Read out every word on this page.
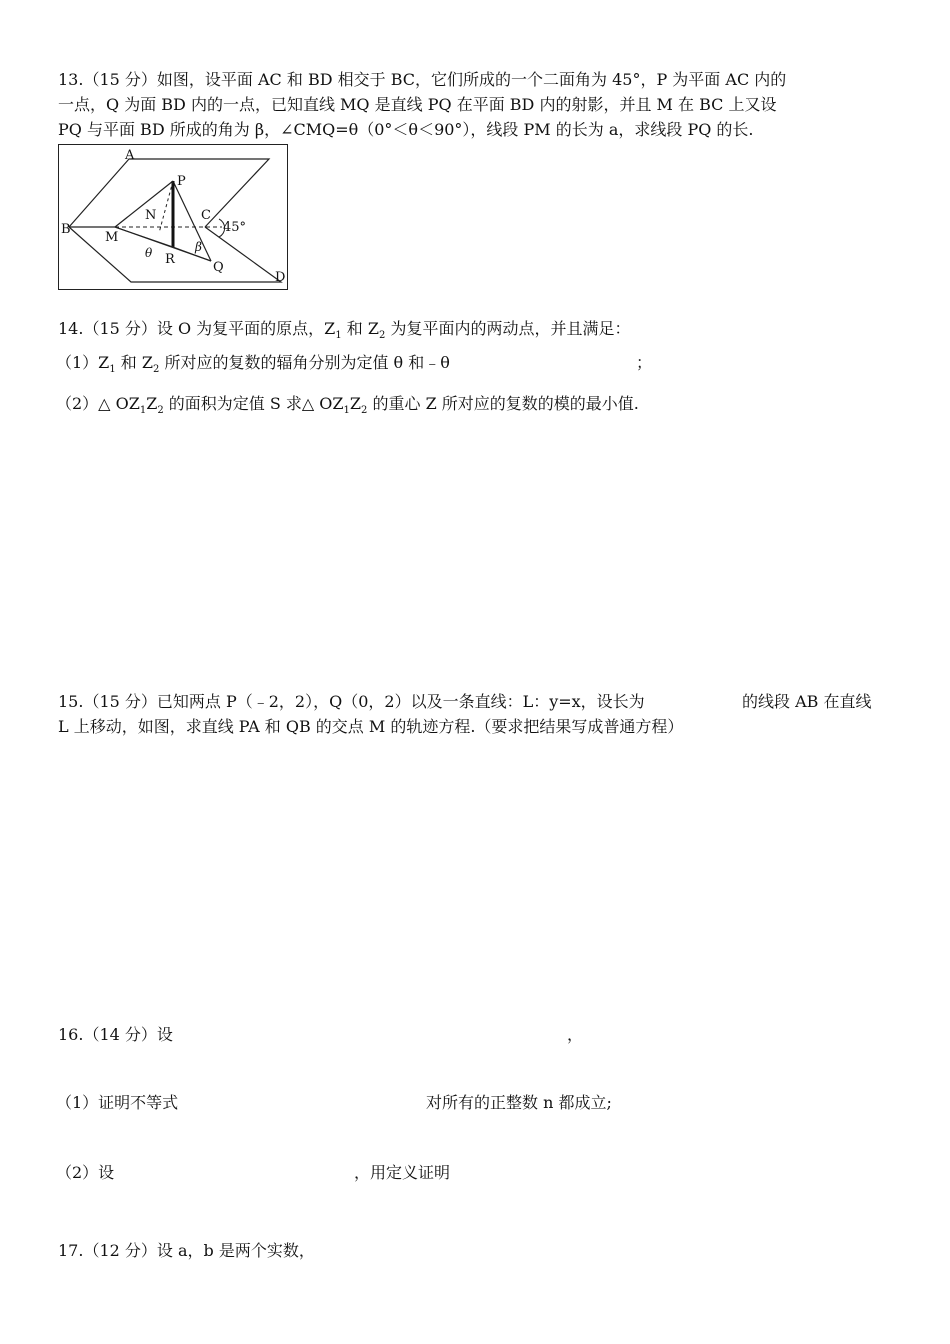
13.（15 分）如图，设平面 AC 和 BD 相交于 BC，它们所成的一个二面角为 45°，P 为平面 AC 内的
一点，Q 为面 BD 内的一点，已知直线 MQ 是直线 PQ 在平面 BD 内的射影，并且 M 在 BC 上又设
PQ 与平面 BD 所成的角为 β，∠CMQ=θ（0°＜θ＜90°），线段 PM 的长为 a，求线段 PQ 的长.
A
B
C
D
P
Q
M
N
R
45°
θ	β
14.（15 分）设 O 为复平面的原点，$Z_1$ 和 $Z_2$ 为复平面内的两动点，并且满足：
$(1)Z_1$ 和 $Z_2$ 所对应的复数的辐角分别为定值 θ 和﹣θ	；
（2）△ $OZ_1Z_2$ 的面积为定值 S 求△ $OZ_1Z_2$ 的重心 Z 所对应的复数的模的最小值.
15.（15 分）已知两点 P（﹣2，2），Q（0，2）以及一条直线：L：y=x，设长为	的线段 AB 在直线
L 上移动，如图，求直线 PA 和 QB 的交点 M 的轨迹方程.（要求把结果写成普通方程）
16.（14 分）设	，
（1）证明不等式	对所有的正整数 n 都成立;
（2）设	，用定义证明
17.（12 分）设 a，b 是两个实数，
